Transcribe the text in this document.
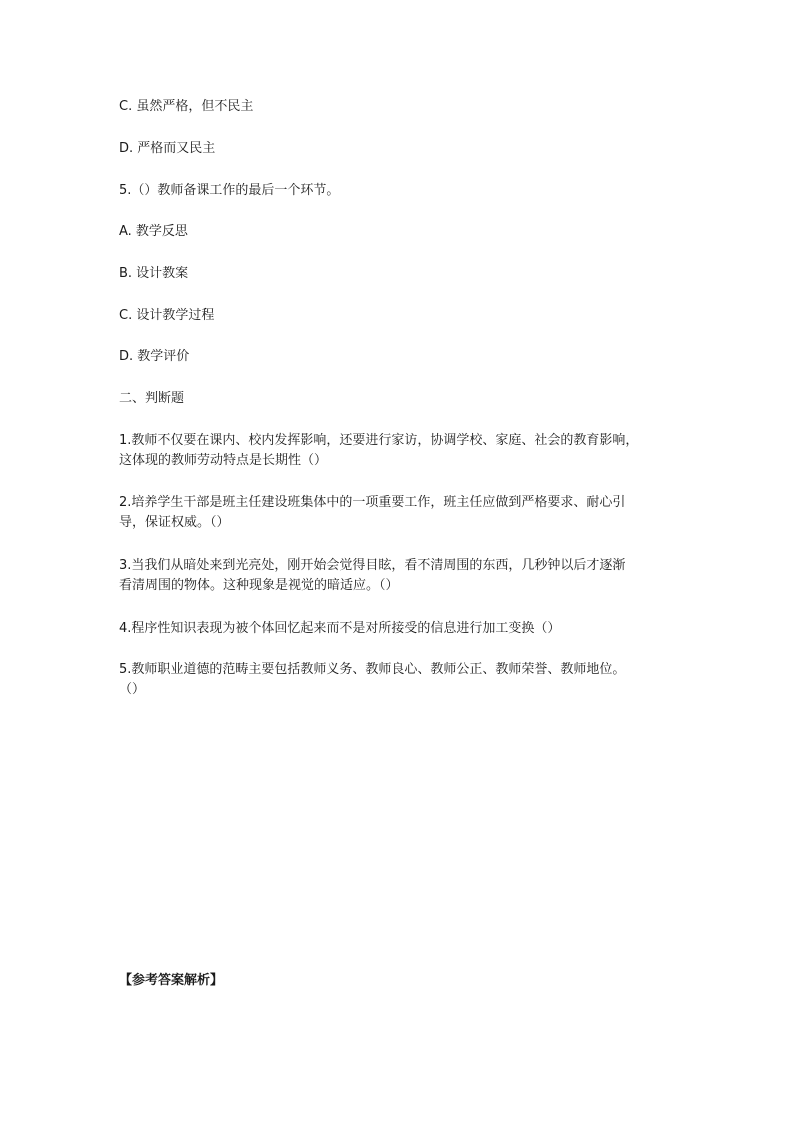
C. 虽然严格，但不民主
D. 严格而又民主
5.（）教师备课工作的最后一个环节。
A. 教学反思
B. 设计教案
C. 设计教学过程
D. 教学评价
二、判断题
1.教师不仅要在课内、校内发挥影响，还要进行家访，协调学校、家庭、社会的教育影响，
这体现的教师劳动特点是长期性（）
2.培养学生干部是班主任建设班集体中的一项重要工作，班主任应做到严格要求、耐心引
导，保证权威。（）
3.当我们从暗处来到光亮处，刚开始会觉得目眩，看不清周围的东西，几秒钟以后才逐渐
看清周围的物体。这种现象是视觉的暗适应。（）
4.程序性知识表现为被个体回忆起来而不是对所接受的信息进行加工变换（）
5.教师职业道德的范畴主要包括教师义务、教师良心、教师公正、教师荣誉、教师地位。
（）
【参考答案解析】
